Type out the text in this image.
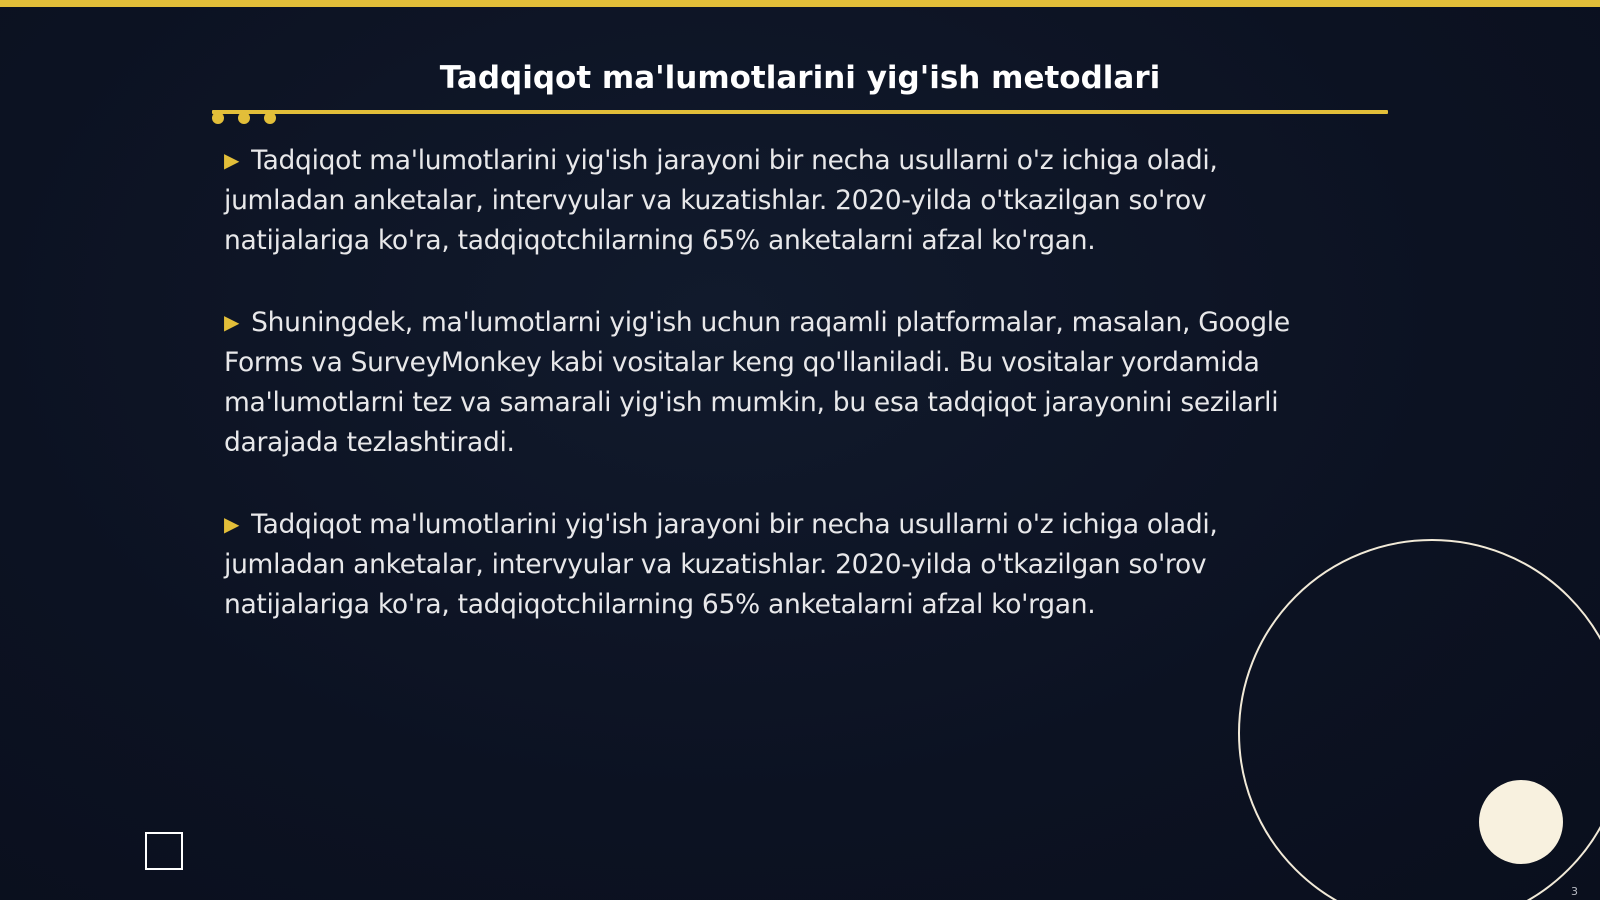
Tadqiqot ma'lumotlarini yig'ish metodlari
▶ Tadqiqot ma'lumotlarini yig'ish jarayoni bir necha usullarni o'z ichiga oladi, jumladan anketalar, intervyular va kuzatishlar. 2020-yilda o'tkazilgan so'rov natijalariga ko'ra, tadqiqotchilarning 65% anketalarni afzal ko'rgan.
▶ Shuningdek, ma'lumotlarni yig'ish uchun raqamli platformalar, masalan, Google Forms va SurveyMonkey kabi vositalar keng qo'llaniladi. Bu vositalar yordamida ma'lumotlarni tez va samarali yig'ish mumkin, bu esa tadqiqot jarayonini sezilarli darajada tezlashtiradi.
▶ Tadqiqot ma'lumotlarini yig'ish jarayoni bir necha usullarni o'z ichiga oladi, jumladan anketalar, intervyular va kuzatishlar. 2020-yilda o'tkazilgan so'rov natijalariga ko'ra, tadqiqotchilarning 65% anketalarni afzal ko'rgan.
3
